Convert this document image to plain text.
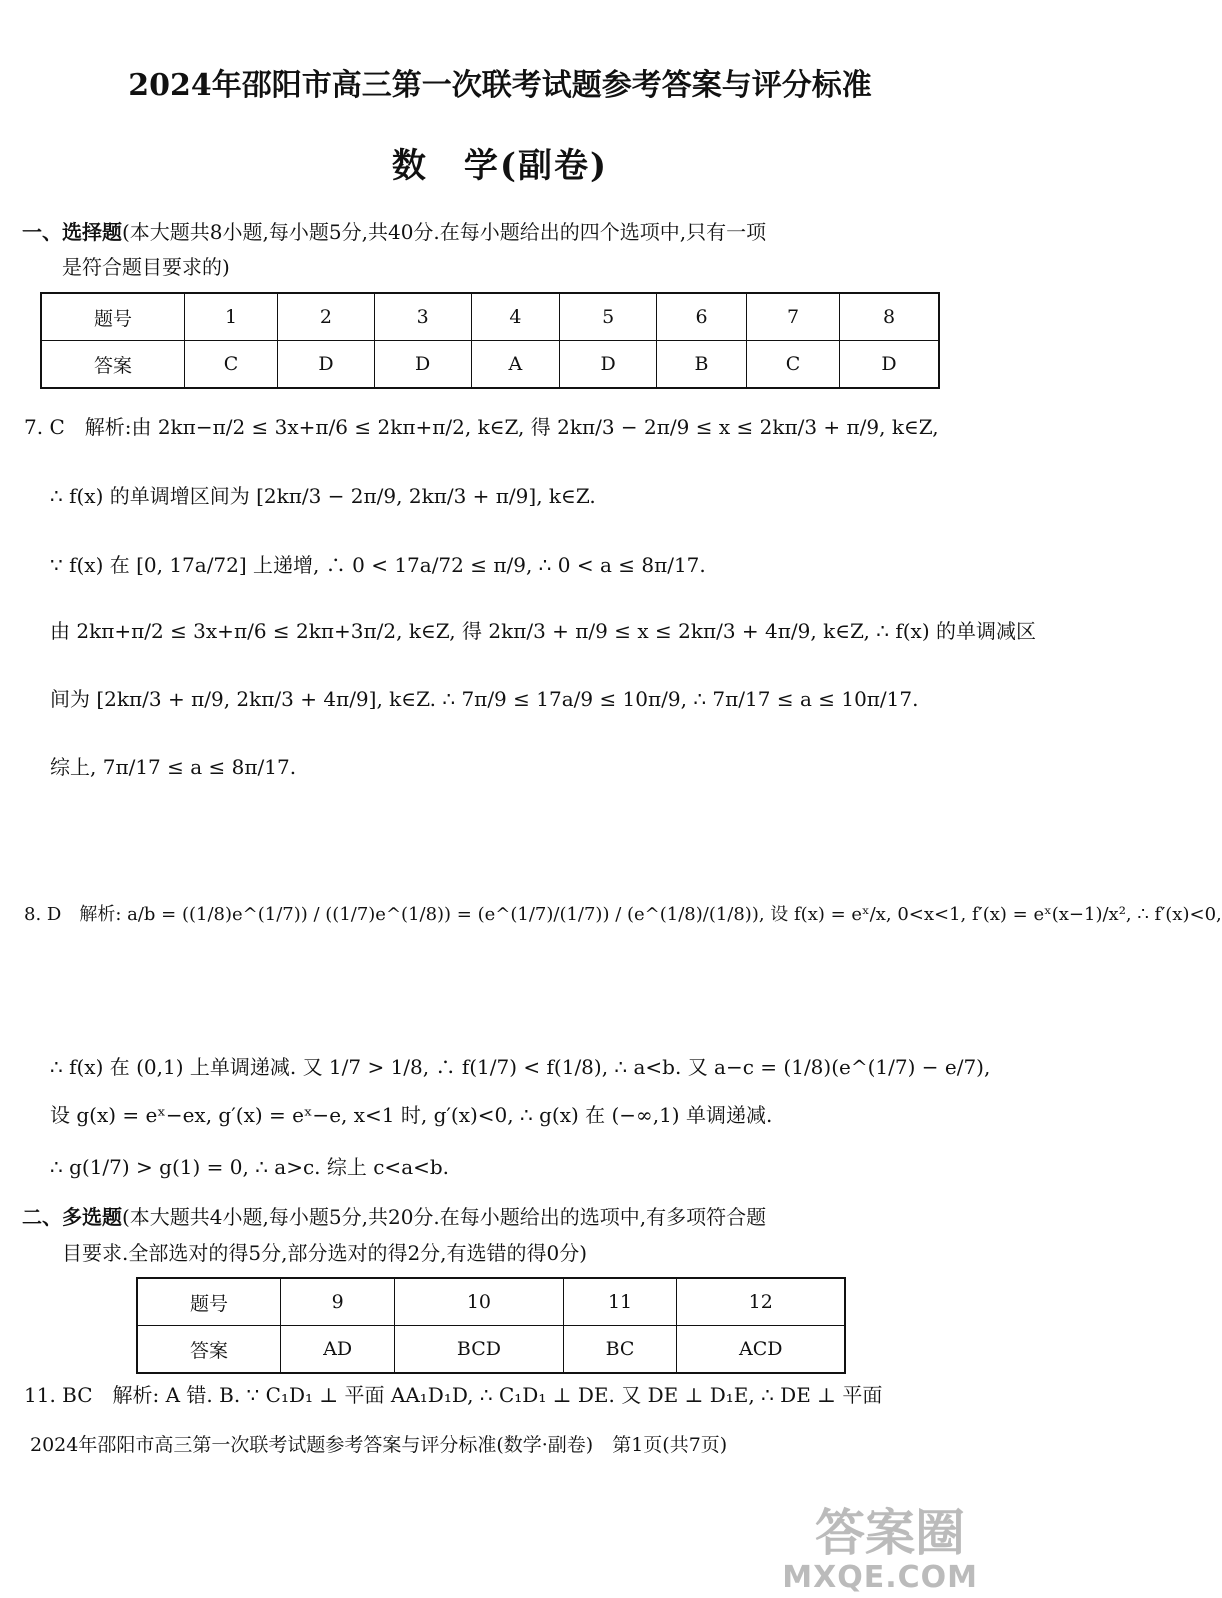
2024年邵阳市高三第一次联考试题参考答案与评分标准
数　学(副卷)
一、选择题(本大题共8小题,每小题5分,共40分.在每小题给出的四个选项中,只有一项
是符合题目要求的)
题号	1	2	3	4	5	6	7	8
答案	C	D	D	A	D	B	C	D
7. C　解析:由 2kπ−π/2 ≤ 3x+π/6 ≤ 2kπ+π/2, k∈Z, 得 2kπ/3 − 2π/9 ≤ x ≤ 2kπ/3 + π/9, k∈Z,
∴ f(x) 的单调增区间为 [2kπ/3 − 2π/9, 2kπ/3 + π/9], k∈Z.
∵ f(x) 在 [0, 17a/72] 上递增, ∴ 0 < 17a/72 ≤ π/9, ∴ 0 < a ≤ 8π/17.
由 2kπ+π/2 ≤ 3x+π/6 ≤ 2kπ+3π/2, k∈Z, 得 2kπ/3 + π/9 ≤ x ≤ 2kπ/3 + 4π/9, k∈Z, ∴ f(x) 的单调减区
间为 [2kπ/3 + π/9, 2kπ/3 + 4π/9], k∈Z. ∴ 7π/9 ≤ 17a/9 ≤ 10π/9, ∴ 7π/17 ≤ a ≤ 10π/17.
综上, 7π/17 ≤ a ≤ 8π/17.
8. D　解析: a/b = ((1/8)e^(1/7)) / ((1/7)e^(1/8)) = (e^(1/7)/(1/7)) / (e^(1/8)/(1/8)), 设 f(x) = eˣ/x, 0<x<1, f′(x) = eˣ(x−1)/x², ∴ f′(x)<0,
∴ f(x) 在 (0,1) 上单调递减. 又 1/7 > 1/8, ∴ f(1/7) < f(1/8), ∴ a<b. 又 a−c = (1/8)(e^(1/7) − e/7),
设 g(x) = eˣ−ex, g′(x) = eˣ−e, x<1 时, g′(x)<0, ∴ g(x) 在 (−∞,1) 单调递减.
∴ g(1/7) > g(1) = 0, ∴ a>c. 综上 c<a<b.
二、多选题(本大题共4小题,每小题5分,共20分.在每小题给出的选项中,有多项符合题
目要求.全部选对的得5分,部分选对的得2分,有选错的得0分)
题号	9	10	11	12
答案	AD	BCD	BC	ACD
11. BC　解析: A 错. B. ∵ C₁D₁ ⊥ 平面 AA₁D₁D, ∴ C₁D₁ ⊥ DE. 又 DE ⊥ D₁E, ∴ DE ⊥ 平面
2024年邵阳市高三第一次联考试题参考答案与评分标准(数学·副卷)　第1页(共7页)
答案圈
MXQE.COM
